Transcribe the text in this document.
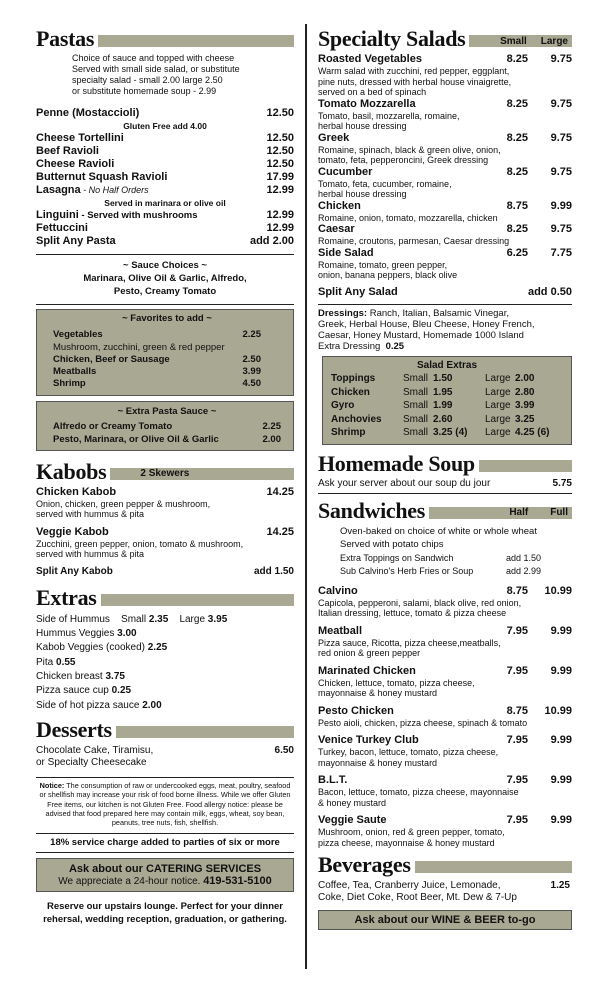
Pastas
Choice of sauce and topped with cheese
Served with small side salad, or substitute
specialty salad - small 2.00 large 2.50
or substitute homemade soup - 2.99
Penne (Mostaccioli)	12.50
Gluten Free add 4.00
Cheese Tortellini	12.50
Beef Ravioli	12.50
Cheese Ravioli	12.50
Butternut Squash Ravioli	17.99
Lasagna - No Half Orders	12.99
Served in marinara or olive oil
Linguini - Served with mushrooms	12.99
Fettuccini	12.99
Split Any Pasta	add 2.00
~ Sauce Choices ~
Marinara, Olive Oil & Garlic, Alfredo,
Pesto, Creamy Tomato
~ Favorites to add ~
Vegetables	2.25
Mushroom, zucchini, green & red pepper
Chicken, Beef or Sausage	2.50
Meatballs	3.99
Shrimp	4.50
~ Extra Pasta Sauce ~
Alfredo or Creamy Tomato	2.25
Pesto, Marinara, or Olive Oil & Garlic	2.00
Kabobs	2 Skewers
Chicken Kabob	14.25
Onion, chicken, green pepper & mushroom,
served with hummus & pita
Veggie Kabob	14.25
Zucchini, green pepper, onion, tomato & mushroom,
served with hummus & pita
Split Any Kabob	add 1.50
Extras
Side of Hummus Small 2.35 Large 3.95
Hummus Veggies 3.00
Kabob Veggies (cooked) 2.25
Pita 0.55
Chicken breast 3.75
Pizza sauce cup 0.25
Side of hot pizza sauce 2.00
Desserts
Chocolate Cake, Tiramisu,
or Specialty Cheesecake
6.50
Notice: The consumption of raw or undercooked eggs, meat, poultry, seafood or shellfish may increase your risk of food borne illness. While we offer Gluten Free items, our kitchen is not Gluten Free. Food allergy notice: please be advised that food prepared here may contain milk, eggs, wheat, soy bean, peanuts, tree nuts, fish, shellfish.
18% service charge added to parties of six or more
Ask about our CATERING SERVICES
We appreciate a 24-hour notice. 419-531-5100
Reserve our upstairs lounge. Perfect for your dinner
rehersal, wedding reception, graduation, or gathering.
Specialty Salads	Small Large
Roasted Vegetables	8.25	9.75
Warm salad with zucchini, red pepper, eggplant,
pine nuts, dressed with herbal house vinaigrette,
served on a bed of spinach
Tomato Mozzarella	8.25	9.75
Tomato, basil, mozzarella, romaine,
herbal house dressing
Greek	8.25	9.75
Romaine, spinach, black & green olive, onion,
tomato, feta, pepperoncini, Greek dressing
Cucumber	8.25	9.75
Tomato, feta, cucumber, romaine,
herbal house dressing
Chicken	8.75	9.99
Romaine, onion, tomato, mozzarella, chicken
Caesar	8.25	9.75
Romaine, croutons, parmesan, Caesar dressing
Side Salad	6.25	7.75
Romaine, tomato, green pepper,
onion, banana peppers, black olive
Split Any Salad	add 0.50
Dressings: Ranch, Italian, Balsamic Vinegar,
Greek, Herbal House, Bleu Cheese, Honey French,
Caesar, Honey Mustard, Homemade 1000 Island
Extra Dressing 0.25
Salad Extras
Toppings	Small 1.50	Large 2.00
Chicken	Small 1.95	Large 2.80
Gyro	Small 1.99	Large 3.99
Anchovies	Small 2.60	Large 3.25
Shrimp	Small 3.25 (4)	Large 4.25 (6)
Homemade Soup
Ask your server about our soup du jour	5.75
Sandwiches	Half Full
Oven-baked on choice of white or whole wheat
Served with potato chips
Extra Toppings on Sandwich	add 1.50
Sub Calvino's Herb Fries or Soup	add 2.99
Calvino	8.75 10.99
Capicola, pepperoni, salami, black olive, red onion,
Italian dressing, lettuce, tomato & pizza cheese
Meatball	7.95	9.99
Pizza sauce, Ricotta, pizza cheese,meatballs,
red onion & green pepper
Marinated Chicken	7.95	9.99
Chicken, lettuce, tomato, pizza cheese,
mayonnaise & honey mustard
Pesto Chicken	8.75 10.99
Pesto aioli, chicken, pizza cheese, spinach & tomato
Venice Turkey Club	7.95	9.99
Turkey, bacon, lettuce, tomato, pizza cheese,
mayonnaise & honey mustard
B.L.T.	7.95	9.99
Bacon, lettuce, tomato, pizza cheese, mayonnaise
& honey mustard
Veggie Saute	7.95	9.99
Mushroom, onion, red & green pepper, tomato,
pizza cheese, mayonnaise & honey mustard
Beverages
Coffee, Tea, Cranberry Juice, Lemonade,
Coke, Diet Coke, Root Beer, Mt. Dew & 7-Up
1.25
Ask about our WINE & BEER to-go
